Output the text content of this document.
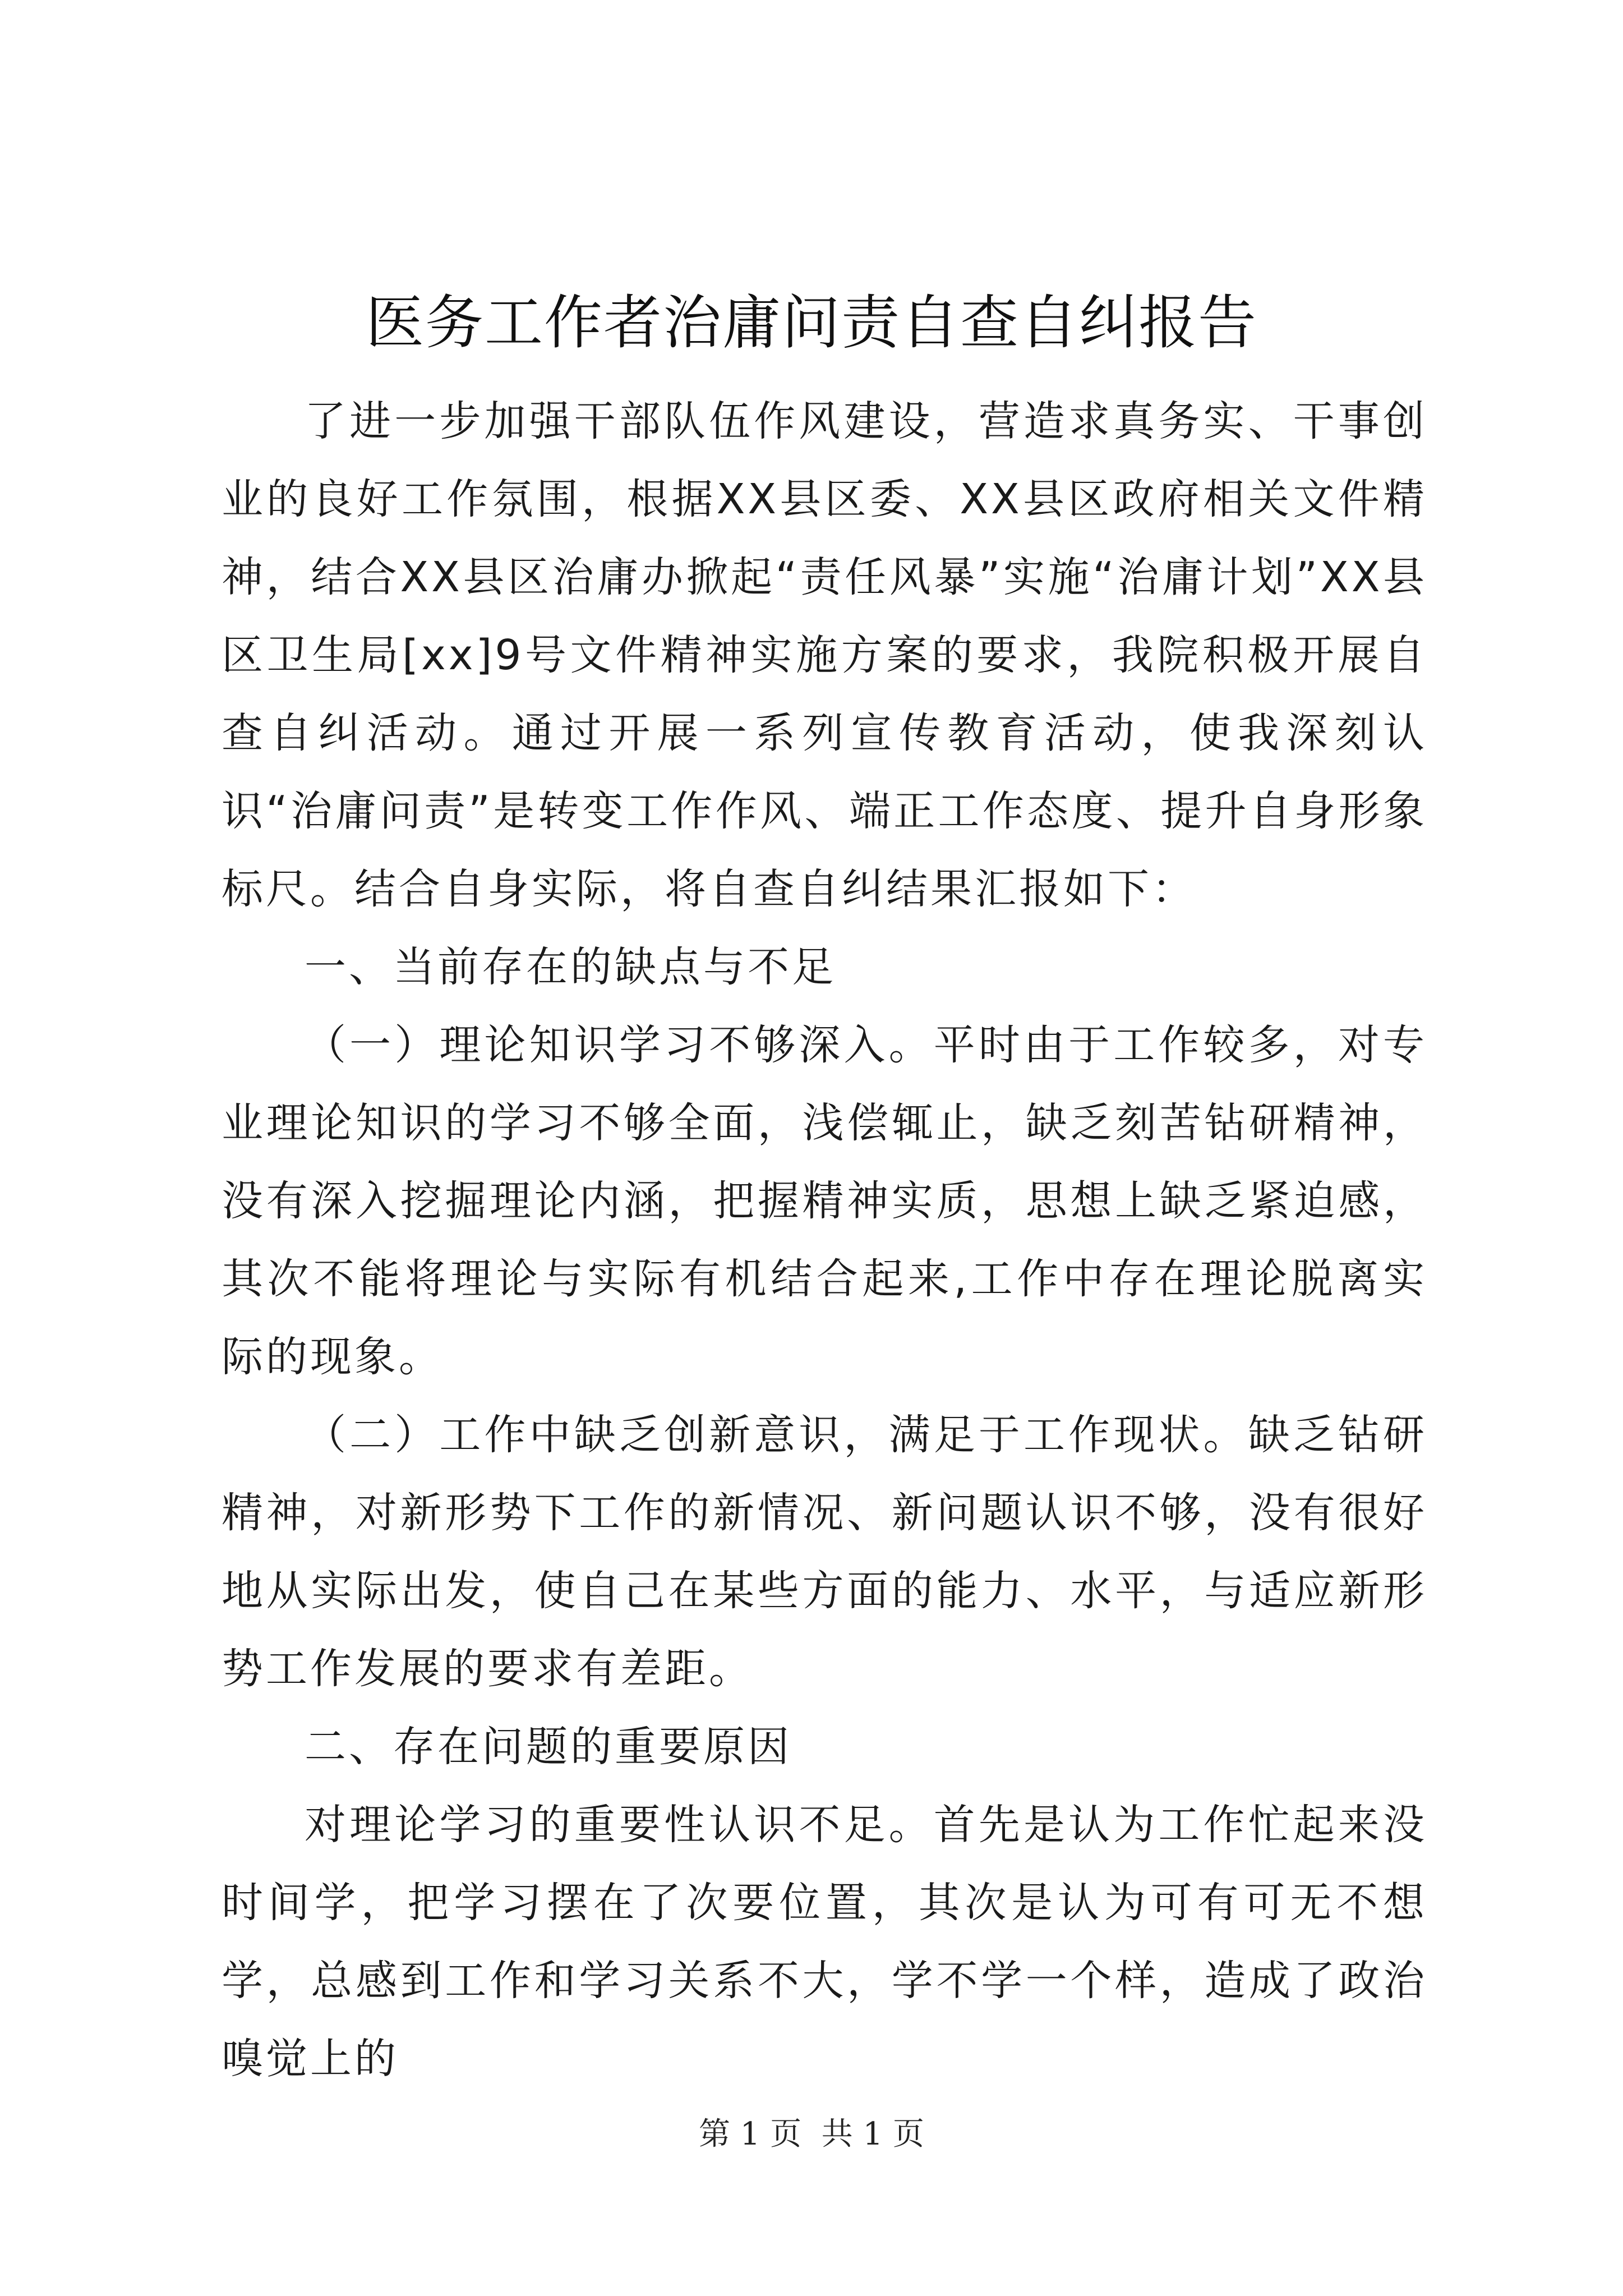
医务工作者治庸问责自查自纠报告

了进一步加强干部队伍作风建设，营造求真务实、干事创业的良好工作氛围，根据XX县区委、XX县区政府相关文件精神，结合XX县区治庸办掀起“责任风暴”实施“治庸计划”XX县区卫生局[xx]9号文件精神实施方案的要求，我院积极开展自查自纠活动。通过开展一系列宣传教育活动，使我深刻认识“治庸问责”是转变工作作风、端正工作态度、提升自身形象标尺。结合自身实际，将自查自纠结果汇报如下：

一、当前存在的缺点与不足

（一）理论知识学习不够深入。平时由于工作较多，对专业理论知识的学习不够全面，浅偿辄止，缺乏刻苦钻研精神，没有深入挖掘理论内涵，把握精神实质，思想上缺乏紧迫感，其次不能将理论与实际有机结合起来,工作中存在理论脱离实际的现象。

（二）工作中缺乏创新意识，满足于工作现状。缺乏钻研精神，对新形势下工作的新情况、新问题认识不够，没有很好地从实际出发，使自己在某些方面的能力、水平，与适应新形势工作发展的要求有差距。

二、存在问题的重要原因

对理论学习的重要性认识不足。首先是认为工作忙起来没时间学，把学习摆在了次要位置，其次是认为可有可无不想学，总感到工作和学习关系不大，学不学一个样，造成了政治嗅觉上的

第 1 页  共 1 页
